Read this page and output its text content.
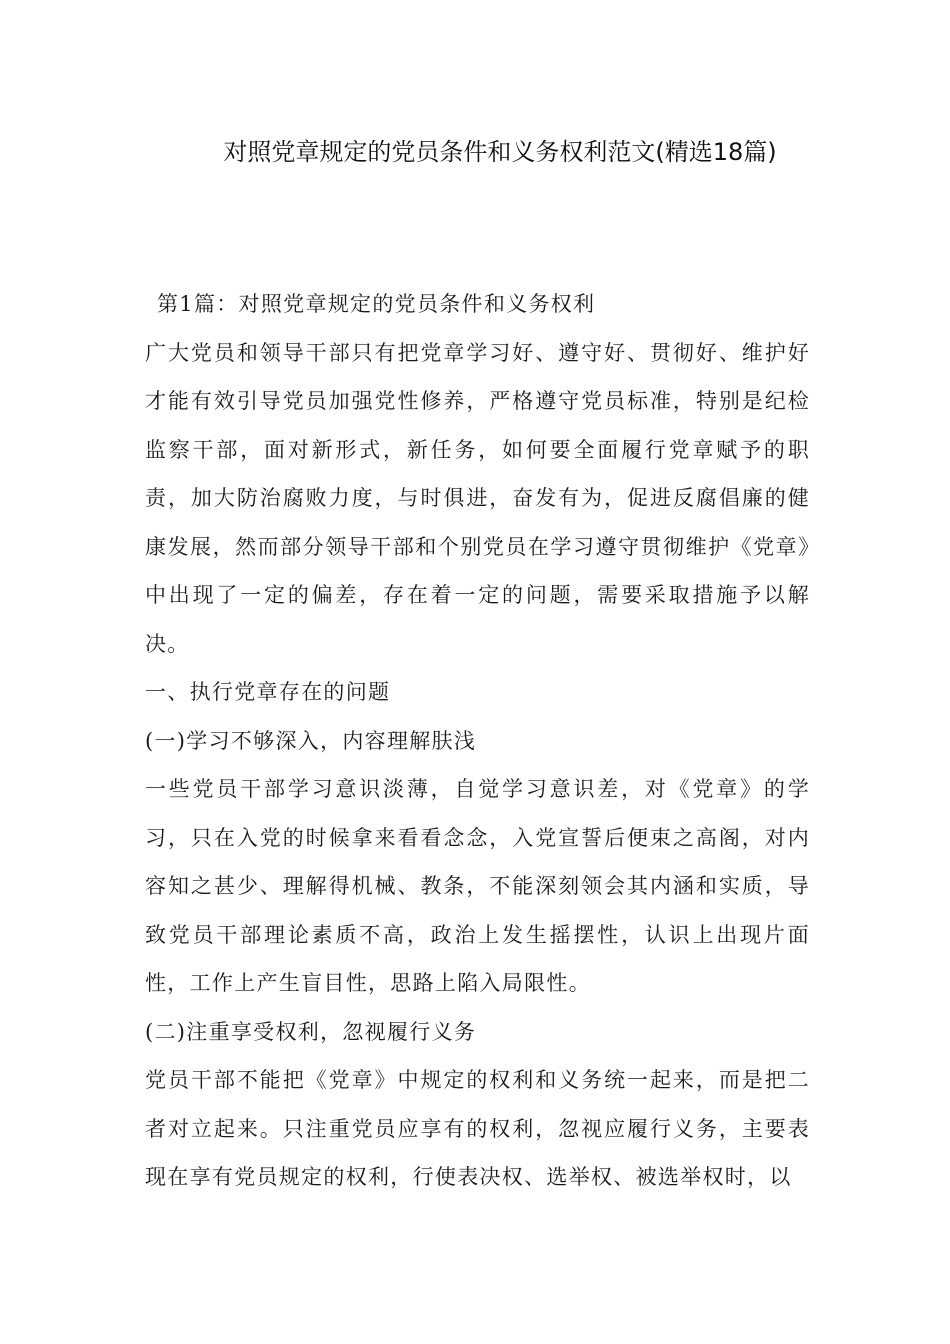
对照党章规定的党员条件和义务权利范文(精选18篇)

第1篇：对照党章规定的党员条件和义务权利

广大党员和领导干部只有把党章学习好、遵守好、贯彻好、维护好才能有效引导党员加强党性修养，严格遵守党员标准，特别是纪检监察干部，面对新形式，新任务，如何要全面履行党章赋予的职责，加大防治腐败力度，与时俱进，奋发有为，促进反腐倡廉的健康发展，然而部分领导干部和个别党员在学习遵守贯彻维护《党章》中出现了一定的偏差，存在着一定的问题，需要采取措施予以解决。

一、执行党章存在的问题

(一)学习不够深入，内容理解肤浅

一些党员干部学习意识淡薄，自觉学习意识差，对《党章》的学习，只在入党的时候拿来看看念念，入党宣誓后便束之高阁，对内容知之甚少、理解得机械、教条，不能深刻领会其内涵和实质，导致党员干部理论素质不高，政治上发生摇摆性，认识上出现片面性，工作上产生盲目性，思路上陷入局限性。

(二)注重享受权利，忽视履行义务

党员干部不能把《党章》中规定的权利和义务统一起来，而是把二者对立起来。只注重党员应享有的权利，忽视应履行义务，主要表现在享有党员规定的权利，行使表决权、选举权、被选举权时，以
